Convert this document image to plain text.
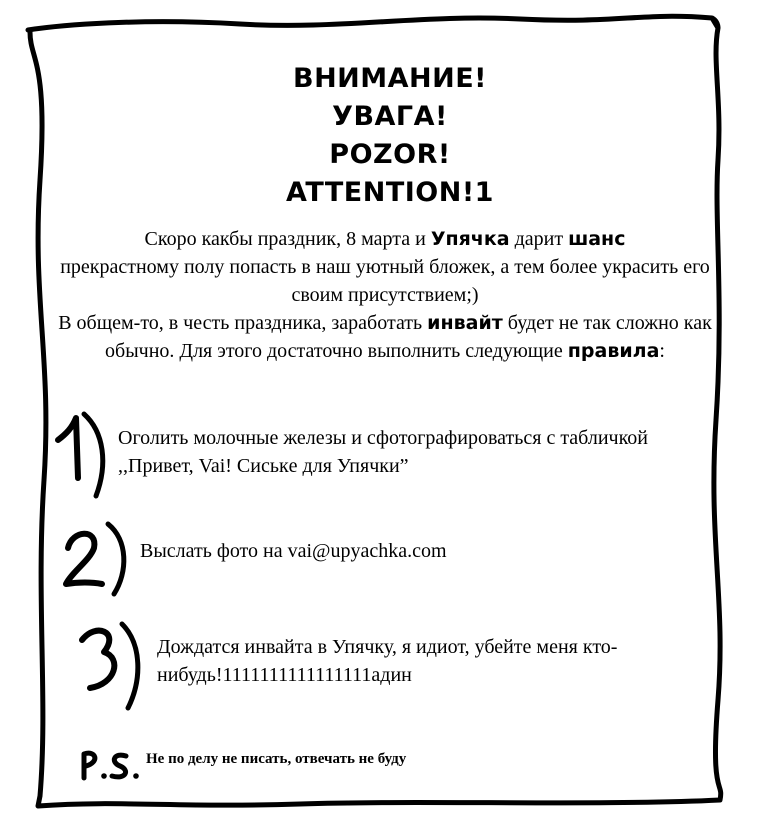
ВНИМАНИЕ!
УВАГА!
POZOR!
ATTENTION!1
Скоро какбы праздник, 8 марта и Упячка дарит шанс
прекрастному полу попасть в наш уютный бложек, а тем более украсить его своим присутствием;)
В общем-то, в честь праздника, заработать инвайт будет не так сложно как обычно. Для этого достаточно выполнить следующие правила:
Оголить молочные железы и сфотографироваться с табличкой ,,Привет, Vai! Сиськe для Упячки”
Выслать фото на vai@upyachka.com
Дождатся инвайта в Упячку, я идиот, убейте меня кто-нибудь!1111111111111111адин
Не по делу не писать, отвечать не буду
